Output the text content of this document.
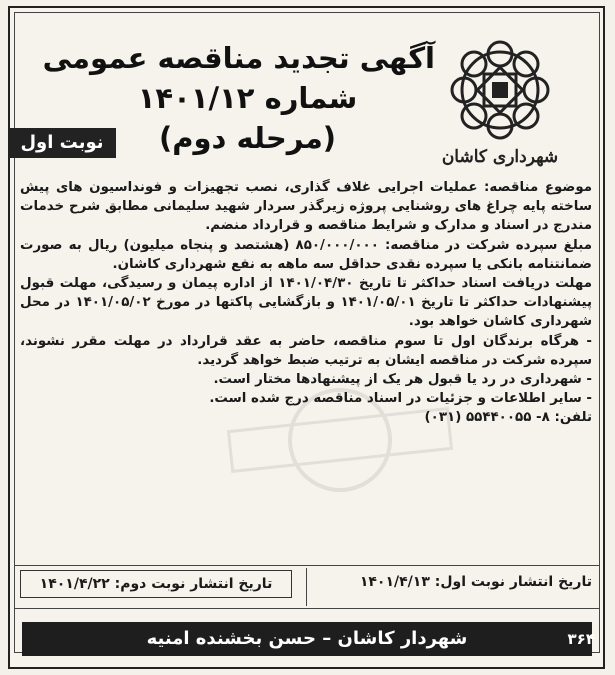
شهرداری کاشان
آگهی تجدید مناقصه عمومی
شماره ۱۴۰۱/۱۲
(مرحله دوم)
نوبت اول

موضوع مناقصه: عملیات اجرایی غلاف گذاری، نصب تجهیزات و فونداسیون های پیش ساخته پایه چراغ های روشنایی پروژه زیرگذر سردار شهید سلیمانی مطابق شرح خدمات مندرج در اسناد و مدارک و شرایط مناقصه و قرارداد منضم.

مبلغ سپرده شرکت در مناقصه: ۸۵۰/۰۰۰/۰۰۰ (هشتصد و پنجاه میلیون) ریال به صورت ضمانتنامه بانکی یا سپرده نقدی حداقل سه ماهه به نفع شهرداری کاشان.

مهلت دریافت اسناد حداکثر تا تاریخ ۱۴۰۱/۰۴/۳۰ از اداره پیمان و رسیدگی، مهلت قبول پیشنهادات حداکثر تا تاریخ ۱۴۰۱/۰۵/۰۱ و بازگشایی پاکتها در مورخ ۱۴۰۱/۰۵/۰۲ در محل شهرداری کاشان خواهد بود.

- هرگاه برندگان اول تا سوم مناقصه، حاضر به عقد قرارداد در مهلت مقرر نشوند، سپرده شرکت در مناقصه ایشان به ترتیب ضبط خواهد گردید.

- شهرداری در رد یا قبول هر یک از پیشنهادها مختار است.

- سایر اطلاعات و جزئیات در اسناد مناقصه درج شده است.

تلفن: ۸- ۵۵۴۴۰۰۵۵ (۰۳۱)

تاریخ انتشار نوبت اول: ۱۴۰۱/۴/۱۳
تاریخ انتشار نوبت دوم: ۱۴۰۱/۴/۲۲
شهردار کاشان – حسن بخشنده امنیه	۳۶۴
